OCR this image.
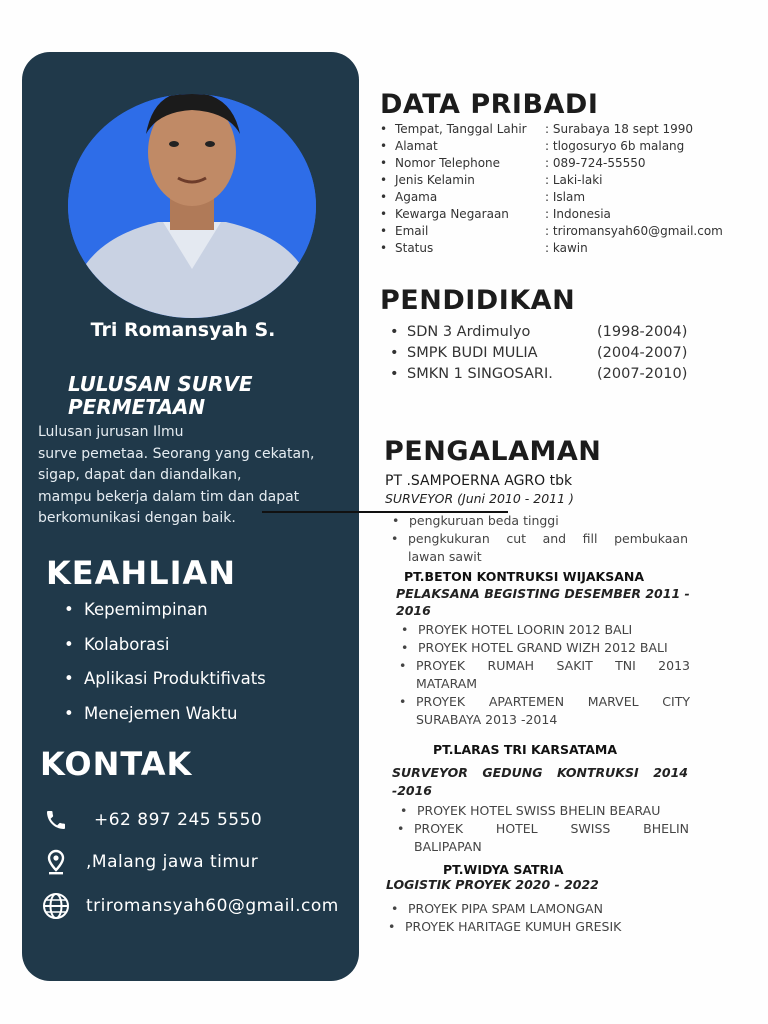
Tri Romansyah S.
LULUSAN SURVE
PERMETAAN
Lulusan jurusan Ilmu
surve pemetaa. Seorang yang cekatan,
sigap, dapat dan diandalkan,
mampu bekerja dalam tim dan dapat
berkomunikasi dengan baik.
KEAHLIAN
• Kepemimpinan
• Kolaborasi
• Aplikasi Produktifivats
• Menejemen Waktu
KONTAK
+62 897 245 5550
,Malang jawa timur
triromansyah60@gmail.com
DATA PRIBADI
• Tempat, Tanggal Lahir : Surabaya 18 sept 1990
• Alamat	: tlogosuryo 6b malang
• Nomor Telephone	: 089-724-55550
• Jenis Kelamin	: Laki-laki
• Agama	: Islam
• Kewarga Negaraan	: Indonesia
• Email	: triromansyah60@gmail.com
• Status	: kawin
PENDIDIKAN
• SDN 3 Ardimulyo	(1998-2004)
• SMPK BUDI MULIA	(2004-2007)
• SMKN 1 SINGOSARI.	(2007-2010)
PENGALAMAN
PT .SAMPOERNA AGRO tbk
SURVEYOR (Juni 2010 - 2011 )
• pengkuruan beda tinggi
• pengkukuran cut and fill pembukaan
lawan sawit
PT.BETON KONTRUKSI WIJAKSANA
PELAKSANA BEGISTING DESEMBER 2011 -
2016
• PROYEK HOTEL LOORIN 2012 BALI
• PROYEK HOTEL GRAND WIZH 2012 BALI
• PROYEK RUMAH SAKIT TNI 2013
MATARAM
• PROYEK APARTEMEN MARVEL CITY
SURABAYA 2013 -2014
PT.LARAS TRI KARSATAMA
SURVEYOR GEDUNG KONTRUKSI 2014
-2016
• PROYEK HOTEL SWISS BHELIN BEARAU
• PROYEK HOTEL SWISS BHELIN
BALIPAPAN
PT.WIDYA SATRIA
LOGISTIK PROYEK 2020 - 2022
• PROYEK PIPA SPAM LAMONGAN
• PROYEK HARITAGE KUMUH GRESIK
